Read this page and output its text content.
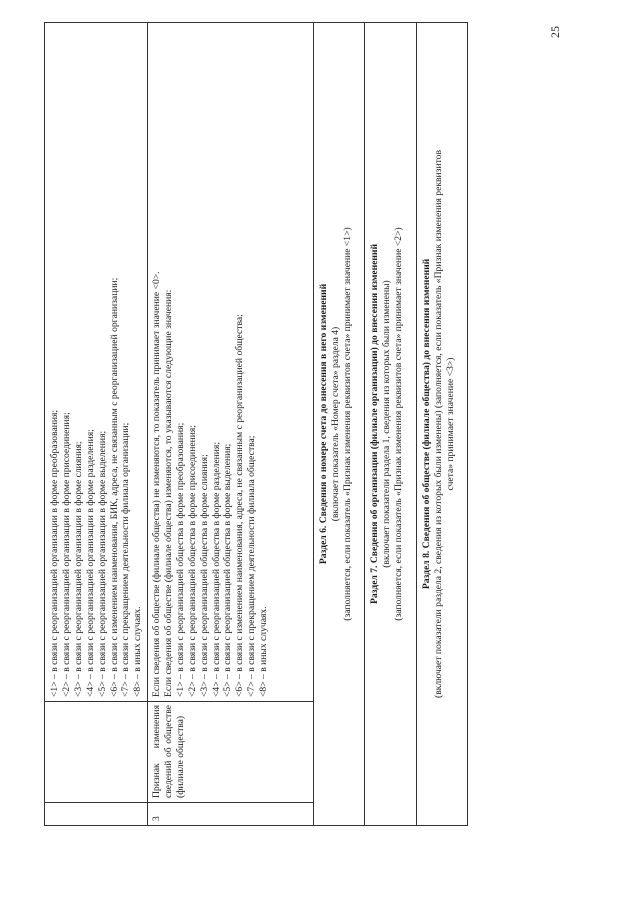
25
<1> – в связи с реорганизацией организации в форме преобразования; <2> – в связи с реорганизацией организации в форме присоединения; <3> – в связи с реорганизацией организации в форме слияния; <4> – в связи с реорганизацией организации в форме разделения; <5> – в связи с реорганизацией организации в форме выделения; <6> – в связи с изменением наименования, БИК, адреса, не связанным с реорганизацией организации; <7> – в связи с прекращением деятельности филиала организации; <8> – в иных случаях.
3
Признак изменения сведений об обществе (филиале общества)
Если сведения об обществе (филиале общества) не изменяются, то показатель принимает значение <0>. Если сведения об обществе (филиале общества) изменяются, то указываются следующие значения: <1> – в связи с реорганизацией общества в форме преобразования; <2> – в связи с реорганизацией общества в форме присоединения; <3> – в связи с реорганизацией общества в форме слияния; <4> – в связи с реорганизацией общества в форме разделения; <5> – в связи с реорганизацией общества в форме выделения; <6> – в связи с изменением наименования, адреса, не связанным с реорганизацией общества; <7> – в связи с прекращением деятельности филиала общества; <8> – в иных случаях.
Раздел 6. Сведения о номере счета до внесения в него изменений (включает показатель «Номер счета» раздела 4) (заполняется, если показатель «Признак изменения реквизитов счета» принимает значение <1>) Раздел 7. Сведения об организации (филиале организации) до внесения изменений (включает показатели раздела 1, сведения из которых были изменены) (заполняется, если показатель «Признак изменения реквизитов счета» принимает значение <2>) Раздел 8. Сведения об обществе (филиале общества) до внесения изменений (включает показатели раздела 2, сведения из которых были изменены) (заполняется, если показатель «Признак изменения реквизитов счета» принимает значение <3>)
